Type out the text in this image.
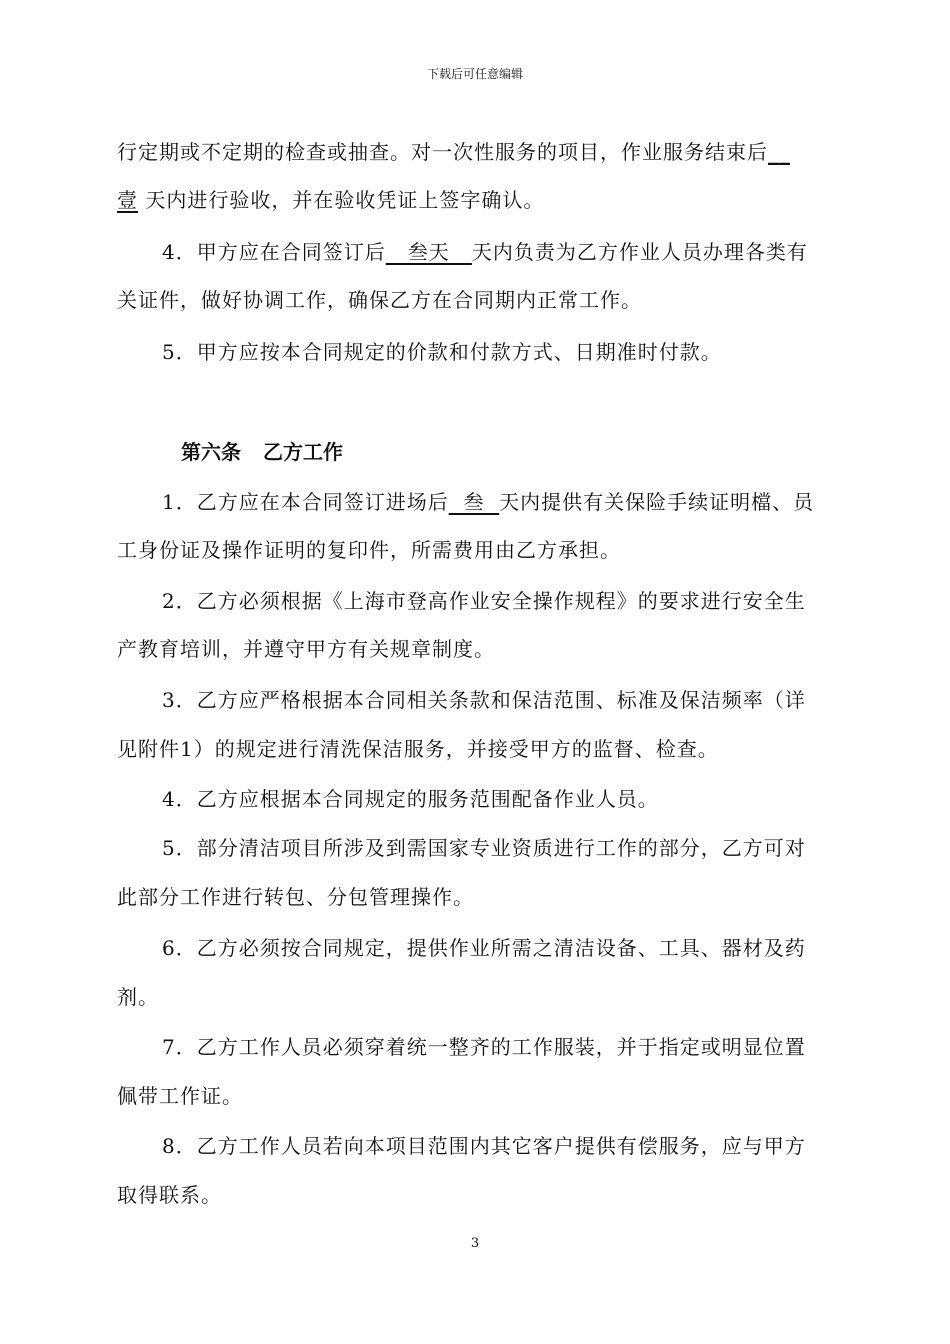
下载后可任意编辑
行定期或不定期的检查或抽查。对一次性服务的项目，作业服务结束后__
壹 天内进行验收，并在验收凭证上签字确认。
4．甲方应在合同签订后   叁天   天内负责为乙方作业人员办理各类有
关证件，做好协调工作，确保乙方在合同期内正常工作。
5．甲方应按本合同规定的价款和付款方式、日期准时付款。
第六条 乙方工作
1．乙方应在本合同签订进场后  叁  天内提供有关保险手续证明檔、员
工身份证及操作证明的复印件，所需费用由乙方承担。
2．乙方必须根据《上海市登高作业安全操作规程》的要求进行安全生
产教育培训，并遵守甲方有关规章制度。
3．乙方应严格根据本合同相关条款和保洁范围、标准及保洁频率（详
见附件1）的规定进行清洗保洁服务，并接受甲方的监督、检查。
4．乙方应根据本合同规定的服务范围配备作业人员。
5．部分清洁项目所涉及到需国家专业资质进行工作的部分，乙方可对
此部分工作进行转包、分包管理操作。
6．乙方必须按合同规定，提供作业所需之清洁设备、工具、器材及药
剂。
7．乙方工作人员必须穿着统一整齐的工作服装，并于指定或明显位置
佩带工作证。
8．乙方工作人员若向本项目范围内其它客户提供有偿服务，应与甲方
取得联系。
3
